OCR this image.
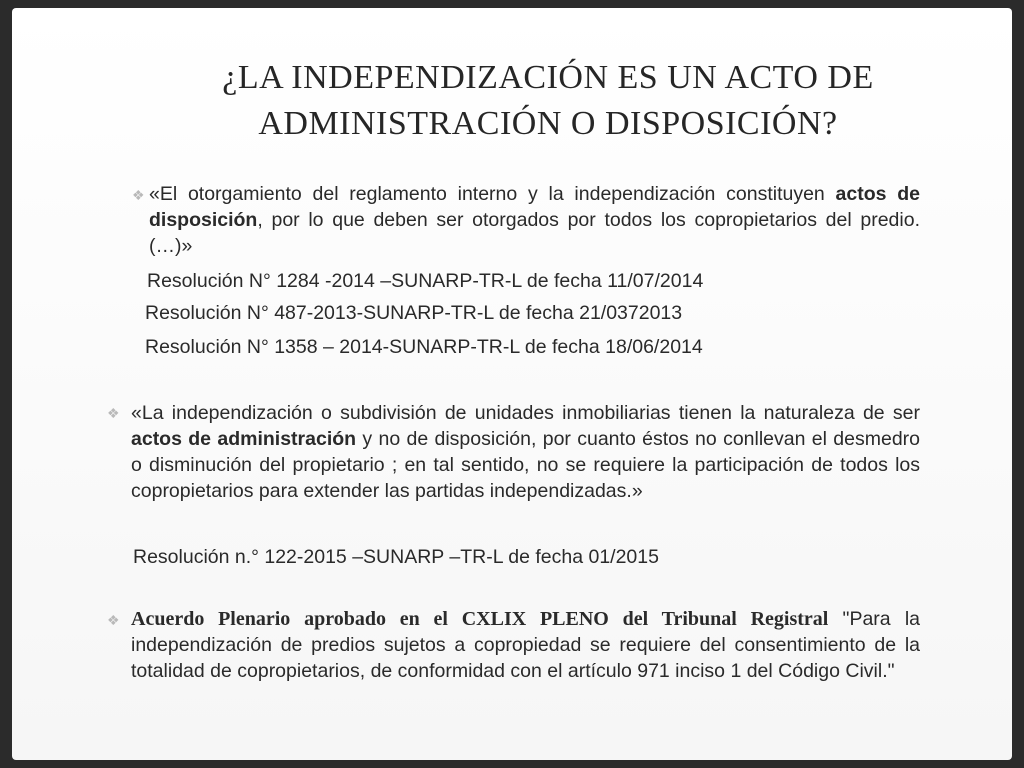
¿LA INDEPENDIZACIÓN ES UN ACTO DE
ADMINISTRACIÓN O DISPOSICIÓN?
❖ «El otorgamiento del reglamento interno y la independización constituyen actos de disposición, por lo que deben ser otorgados por todos los copropietarios del predio.(…)»
Resolución N° 1284 -2014 –SUNARP-TR-L de fecha 11/07/2014
Resolución N° 487-2013-SUNARP-TR-L de fecha 21/0372013
Resolución N° 1358 – 2014-SUNARP-TR-L de fecha 18/06/2014
❖ «La independización o subdivisión de unidades inmobiliarias tienen la naturaleza de ser actos de administración y no de disposición, por cuanto éstos no conllevan el desmedro o disminución del propietario ; en tal sentido, no se requiere la participación de todos los copropietarios para extender las partidas independizadas.»
Resolución n.° 122-2015 –SUNARP –TR-L de fecha 01/2015
❖ Acuerdo Plenario aprobado en el CXLIX PLENO del Tribunal Registral "Para la independización de predios sujetos a copropiedad se requiere del consentimiento de la totalidad de copropietarios, de conformidad con el artículo 971 inciso 1 del Código Civil."
